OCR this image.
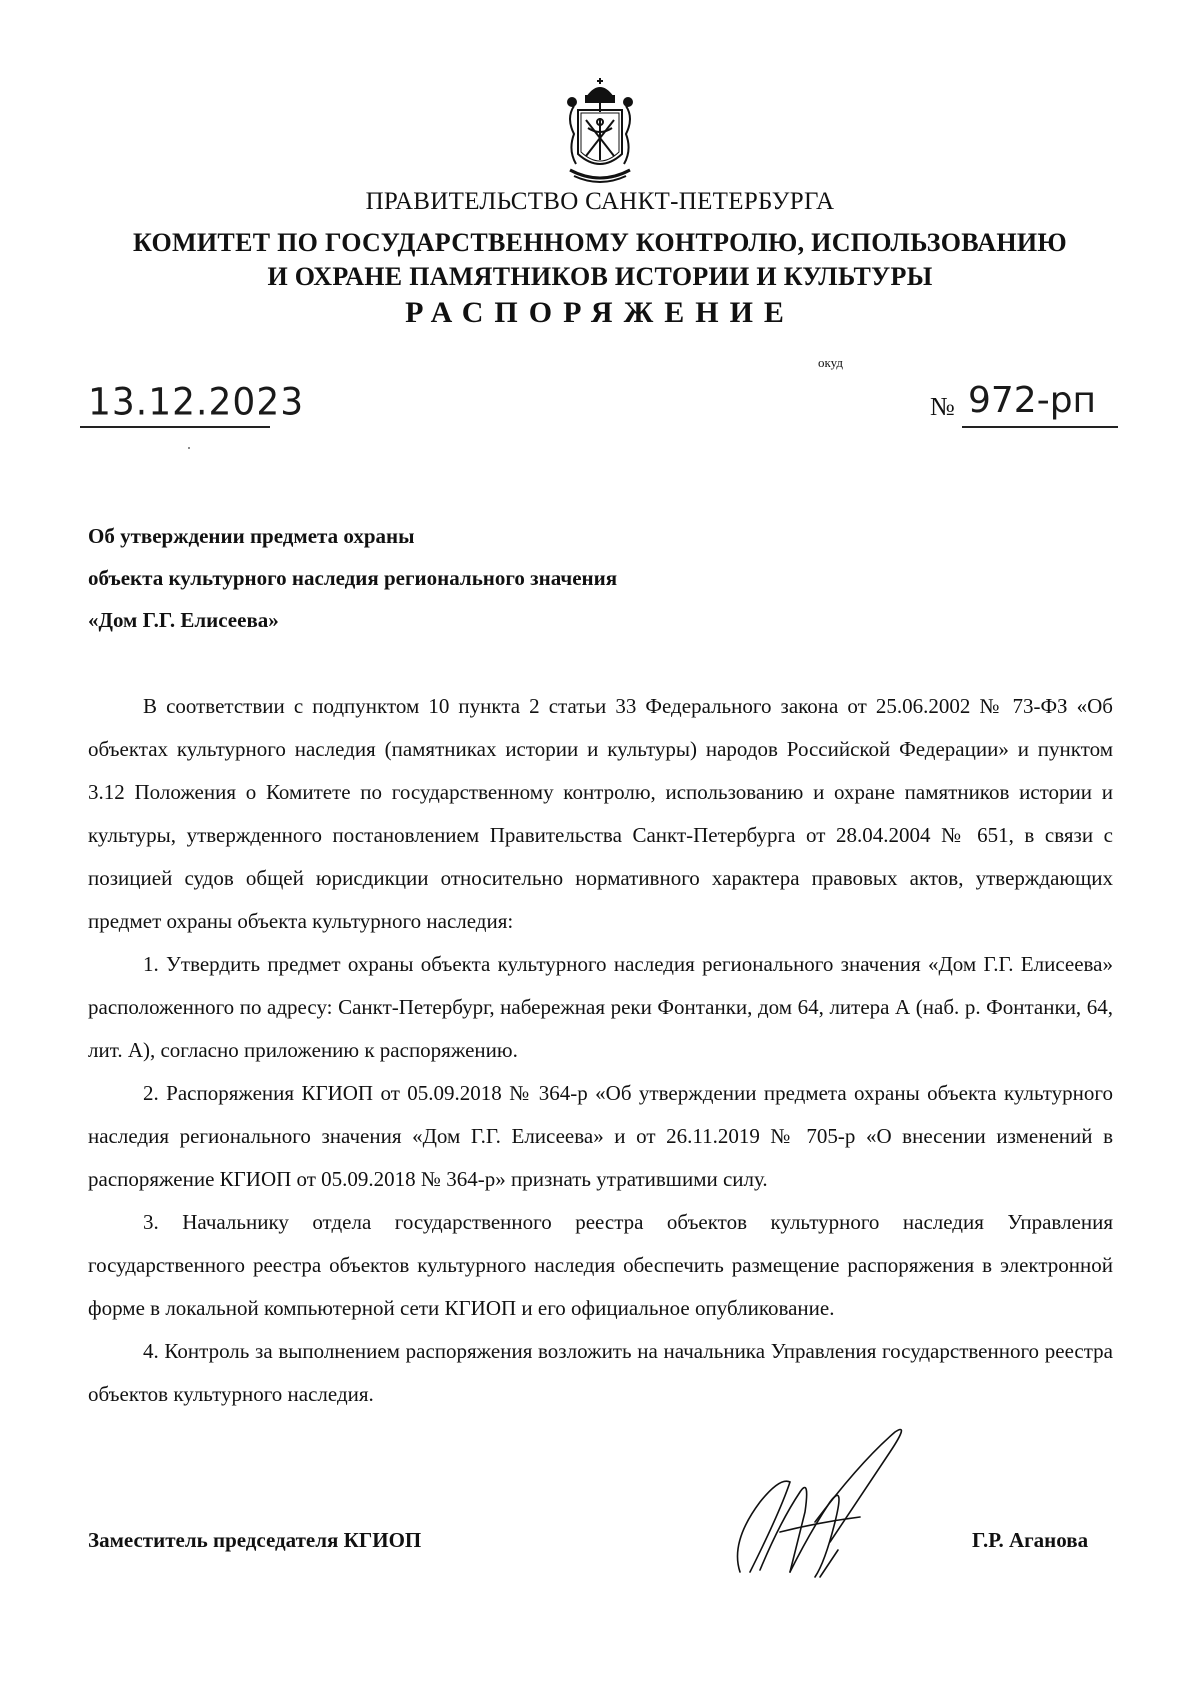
ПРАВИТЕЛЬСТВО САНКТ-ПЕТЕРБУРГА
КОМИТЕТ ПО ГОСУДАРСТВЕННОМУ КОНТРОЛЮ, ИСПОЛЬЗОВАНИЮ
И ОХРАНЕ ПАМЯТНИКОВ ИСТОРИИ И КУЛЬТУРЫ
РАСПОРЯЖЕНИЕ
окуд
13.12.2023	№ 972-рп
Об утверждении предмета охраны
объекта культурного наследия регионального значения
«Дом Г.Г. Елисеева»

В соответствии с подпунктом 10 пункта 2 статьи 33 Федерального закона от 25.06.2002 № 73-ФЗ «Об объектах культурного наследия (памятниках истории и культуры) народов Российской Федерации» и пунктом 3.12 Положения о Комитете по государственному контролю, использованию и охране памятников истории и культуры, утвержденного постановлением Правительства Санкт-Петербурга от 28.04.2004 № 651, в связи с позицией судов общей юрисдикции относительно нормативного характера правовых актов, утверждающих предмет охраны объекта культурного наследия:

1. Утвердить предмет охраны объекта культурного наследия регионального значения «Дом Г.Г. Елисеева» расположенного по адресу: Санкт-Петербург, набережная реки Фонтанки, дом 64, литера А (наб. р. Фонтанки, 64, лит. А), согласно приложению к распоряжению.

2. Распоряжения КГИОП от 05.09.2018 № 364-р «Об утверждении предмета охраны объекта культурного наследия регионального значения «Дом Г.Г. Елисеева» и от 26.11.2019 № 705-р «О внесении изменений в распоряжение КГИОП от 05.09.2018 № 364-р» признать утратившими силу.

3. Начальнику отдела государственного реестра объектов культурного наследия Управления государственного реестра объектов культурного наследия обеспечить размещение распоряжения в электронной форме в локальной компьютерной сети КГИОП и его официальное опубликование.

4. Контроль за выполнением распоряжения возложить на начальника Управления государственного реестра объектов культурного наследия.

Заместитель председателя КГИОП	Г.Р. Аганова
